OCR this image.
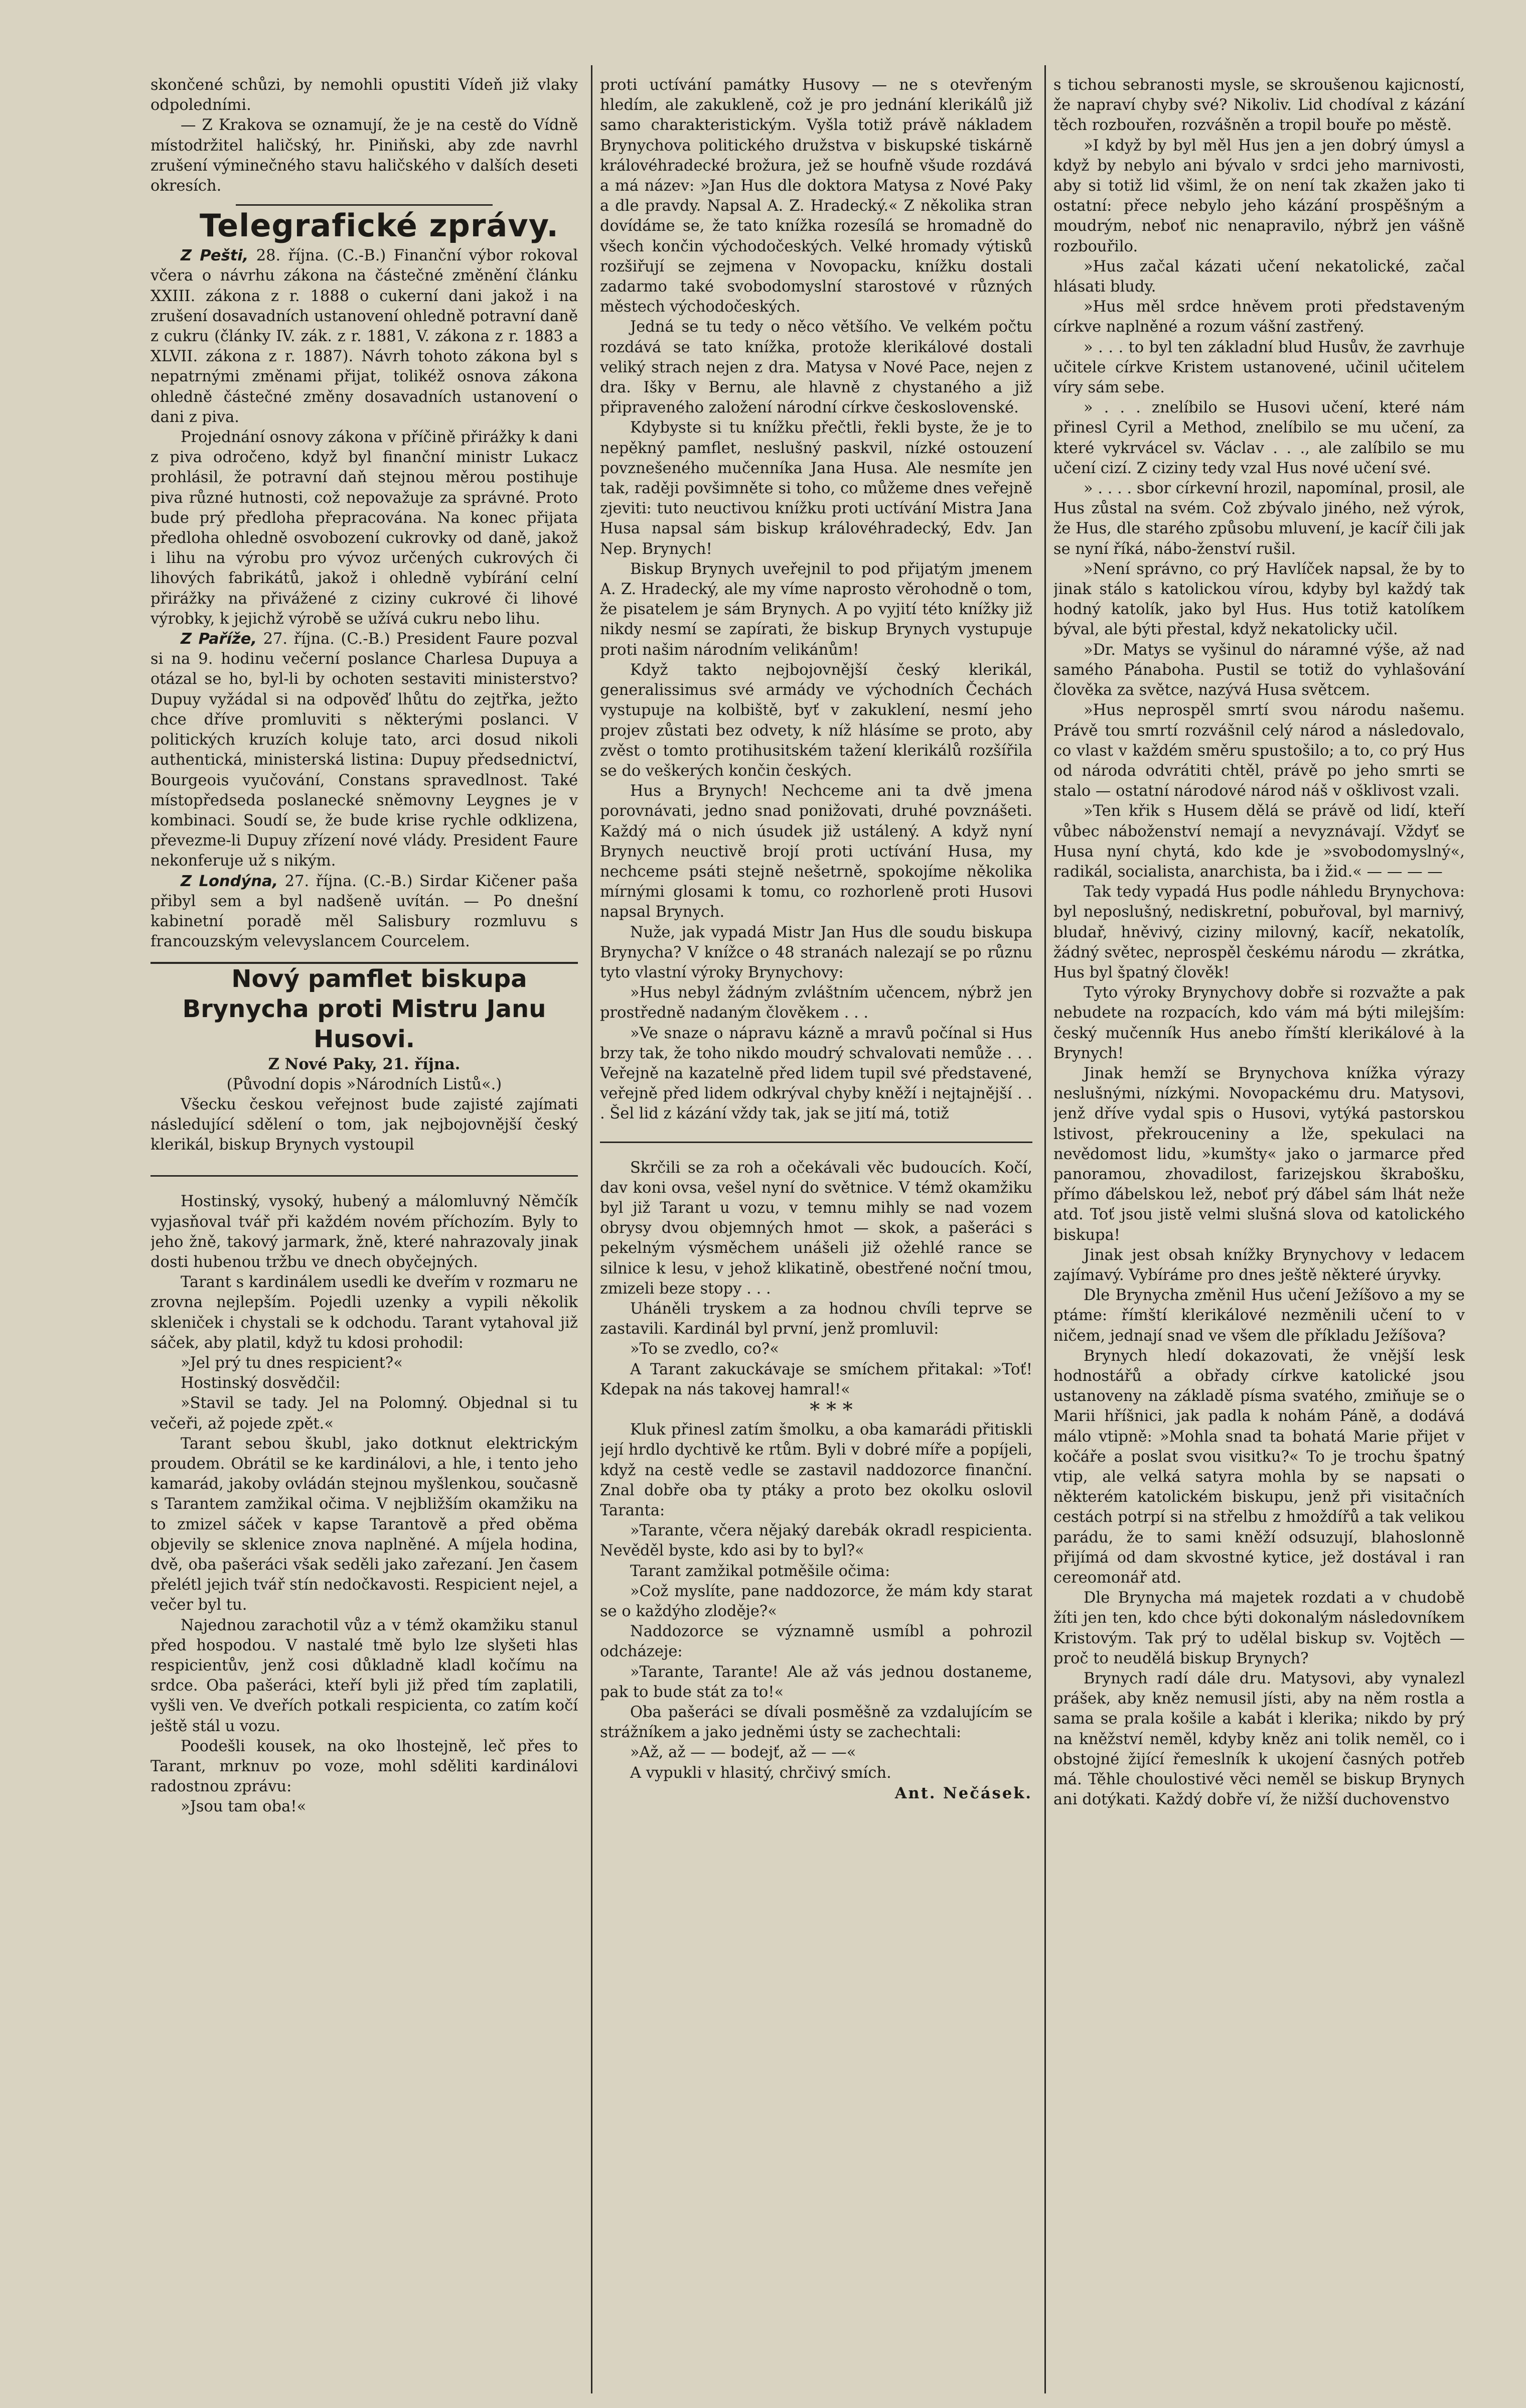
skončené schůzi, by nemohli opustiti Vídeň již vlaky odpoledními.

— Z Krakova se oznamují, že je na cestě do Vídně místodržitel haličský, hr. Piniňski, aby zde navrhl zrušení výminečného stavu haličského v dalších deseti okresích.

Telegrafické zprávy.

Z Pešti, 28. října. (C.-B.) Finanční výbor rokoval včera o návrhu zákona na částečné změnění článku XXIII. zákona z r. 1888 o cukerní dani jakož i na zrušení dosavadních ustanovení ohledně potravní daně z cukru (články IV. zák. z r. 1881, V. zákona z r. 1883 a XLVII. zákona z r. 1887). Návrh tohoto zákona byl s nepatrnými změnami přijat, tolikéž osnova zákona ohledně částečné změny dosavadních ustanovení o dani z piva.

Projednání osnovy zákona v příčině přirážky k dani z piva odročeno, když byl finanční ministr Lukacz prohlásil, že potravní daň stejnou měrou postihuje piva různé hutnosti, což nepovažuje za správné. Proto bude prý předloha přepracována. Na konec přijata předloha ohledně osvobození cukrovky od daně, jakož i lihu na výrobu pro vývoz určených cukrových či lihových fabrikátů, jakož i ohledně vybírání celní přirážky na přivážené z ciziny cukrové či lihové výrobky, k jejichž výrobě se užívá cukru nebo lihu.

Z Paříže, 27. října. (C.-B.) President Faure pozval si na 9. hodinu večerní poslance Charlesa Dupuya a otázal se ho, byl-li by ochoten sestaviti ministerstvo? Dupuy vyžádal si na odpověď lhůtu do zejtřka, ježto chce dříve promluviti s některými poslanci. V politických kruzích koluje tato, arci dosud nikoli authentická, ministerská listina: Dupuy předsednictví, Bourgeois vyučování, Constans spravedlnost. Také místopředseda poslanecké sněmovny Leygnes je v kombinaci. Soudí se, že bude krise rychle odklizena, převezme-li Dupuy zřízení nové vlády. President Faure nekonferuje už s nikým.

Z Londýna, 27. října. (C.-B.) Sirdar Kičener paša přibyl sem a byl nadšeně uvítán. — Po dnešní kabinetní poradě měl Salisbury rozmluvu s francouzským velevyslancem Courcelem.

Nový pamflet biskupa Brynycha proti Mistru Janu Husovi.

Z Nové Paky, 21. října.

(Původní dopis »Národních Listů«.)

Všecku českou veřejnost bude zajisté zajímati následující sdělení o tom, jak nejbojovnější český klerikál, biskup Brynych vystoupil

Hostinský, vysoký, hubený a málomluvný Němčík vyjasňoval tvář při každém novém příchozím. Byly to jeho žně, takový jarmark, žně, které nahrazovaly jinak dosti hubenou tržbu ve dnech obyčejných.

Tarant s kardinálem usedli ke dveřím v rozmaru ne zrovna nejlepším. Pojedli uzenky a vypili několik skleniček i chystali se k odchodu. Tarant vytahoval již sáček, aby platil, když tu kdosi prohodil:

»Jel prý tu dnes respicient?«

Hostinský dosvědčil:

»Stavil se tady. Jel na Polomný. Objednal si tu večeři, až pojede zpět.«

Tarant sebou škubl, jako dotknut elektrickým proudem. Obrátil se ke kardinálovi, a hle, i tento jeho kamarád, jakoby ovládán stejnou myšlenkou, současně s Tarantem zamžikal očima. V nejbližším okamžiku na to zmizel sáček v kapse Tarantově a před oběma objevily se sklenice znova naplněné. A míjela hodina, dvě, oba pašeráci však seděli jako zařezaní. Jen časem přelétl jejich tvář stín nedočkavosti. Respicient nejel, a večer byl tu.

Najednou zarachotil vůz a v témž okamžiku stanul před hospodou. V nastalé tmě bylo lze slyšeti hlas respicientův, jenž cosi důkladně kladl kočímu na srdce. Oba pašeráci, kteří byli již před tím zaplatili, vyšli ven. Ve dveřích potkali respicienta, co zatím kočí ještě stál u vozu.

Poodešli kousek, na oko lhostejně, leč přes to Tarant, mrknuv po voze, mohl sděliti kardinálovi radostnou zprávu:

»Jsou tam oba!«

proti uctívání památky Husovy — ne s otevřeným hledím, ale zakukleně, což je pro jednání klerikálů již samo charakteristickým. Vyšla totiž právě nákladem Brynychova politického družstva v biskupské tiskárně královéhradecké brožura, jež se houfně všude rozdává a má název: »Jan Hus dle doktora Matysa z Nové Paky a dle pravdy. Napsal A. Z. Hradecký.« Z několika stran dovídáme se, že tato knížka rozesílá se hromadně do všech končin východočeských. Velké hromady výtisků rozšiřují se zejmena v Novopacku, knížku dostali zadarmo také svobodomyslní starostové v různých městech východočeských.

Jedná se tu tedy o něco většího. Ve velkém počtu rozdává se tato knížka, protože klerikálové dostali veliký strach nejen z dra. Matysa v Nové Pace, nejen z dra. Išky v Bernu, ale hlavně z chystaného a již připraveného založení národní církve československé.

Kdybyste si tu knížku přečtli, řekli byste, že je to nepěkný pamflet, neslušný paskvil, nízké ostouzení povznešeného mučenníka Jana Husa. Ale nesmíte jen tak, raději povšimněte si toho, co můžeme dnes veřejně zjeviti: tuto neuctivou knížku proti uctívání Mistra Jana Husa napsal sám biskup královéhradecký, Edv. Jan Nep. Brynych!

Biskup Brynych uveřejnil to pod přijatým jmenem A. Z. Hradecký, ale my víme naprosto věrohodně o tom, že pisatelem je sám Brynych. A po vyjití této knížky již nikdy nesmí se zapírati, že biskup Brynych vystupuje proti našim národním velikánům!

Když takto nejbojovnější český klerikál, generalissimus své armády ve východních Čechách vystupuje na kolbiště, byť v zakuklení, nesmí jeho projev zůstati bez odvety, k níž hlásíme se proto, aby zvěst o tomto protihusitském tažení klerikálů rozšířila se do veškerých končin českých.

Hus a Brynych! Nechceme ani ta dvě jmena porovnávati, jedno snad ponižovati, druhé povznášeti. Každý má o nich úsudek již ustálený. A když nyní Brynych neuctivě brojí proti uctívání Husa, my nechceme psáti stejně nešetrně, spokojíme několika mírnými glosami k tomu, co rozhorleně proti Husovi napsal Brynych.

Nuže, jak vypadá Mistr Jan Hus dle soudu biskupa Brynycha? V knížce o 48 stranách nalezají se po různu tyto vlastní výroky Brynychovy:

»Hus nebyl žádným zvláštním učencem, nýbrž jen prostředně nadaným člověkem . . .

»Ve snaze o nápravu kázně a mravů počínal si Hus brzy tak, že toho nikdo moudrý schvalovati nemůže . . . Veřejně na kazatelně před lidem tupil své představené, veřejně před lidem odkrýval chyby kněží i nejtajnější . . . Šel lid z kázání vždy tak, jak se jití má, totiž

Skrčili se za roh a očekávali věc budoucích. Kočí, dav koni ovsa, vešel nyní do světnice. V témž okamžiku byl již Tarant u vozu, v temnu mihly se nad vozem obrysy dvou objemných hmot — skok, a pašeráci s pekelným výsměchem unášeli již ožehlé rance se silnice k lesu, v jehož klikatině, obestřené noční tmou, zmizeli beze stopy . . .

Uháněli tryskem a za hodnou chvíli teprve se zastavili. Kardinál byl první, jenž promluvil:

»To se zvedlo, co?«

A Tarant zakuckávaje se smíchem přitakal: »Toť! Kdepak na nás takovej hamral!«

* * *

Kluk přinesl zatím šmolku, a oba kamarádi přitiskli její hrdlo dychtivě ke rtům. Byli v dobré míře a popíjeli, když na cestě vedle se zastavil naddozorce finanční. Znal dobře oba ty ptáky a proto bez okolku oslovil Taranta:

»Tarante, včera nějaký darebák okradl respicienta. Nevěděl byste, kdo asi by to byl?«

Tarant zamžikal potměšile očima:

»Což myslíte, pane naddozorce, že mám kdy starat se o každýho zloděje?«

Naddozorce se významně usmíbl a pohrozil odcházeje:

»Tarante, Tarante! Ale až vás jednou dostaneme, pak to bude stát za to!«

Oba pašeráci se dívali posměšně za vzdalujícím se strážníkem a jako jedněmi ústy se zachechtali:

»Až, až — — bodejť, až — —«

A vypukli v hlasitý, chrčivý smích.

Ant. Nečásek.

s tichou sebranosti mysle, se skroušenou kajicností, že napraví chyby své? Nikoliv. Lid chodíval z kázání těch rozbouřen, rozvášněn a tropil bouře po městě.

»I když by byl měl Hus jen a jen dobrý úmysl a když by nebylo ani bývalo v srdci jeho marnivosti, aby si totiž lid všiml, že on není tak zkažen jako ti ostatní: přece nebylo jeho kázání prospěšným a moudrým, neboť nic nenapravilo, nýbrž jen vášně rozbouřilo.

»Hus začal kázati učení nekatolické, začal hlásati bludy.

»Hus měl srdce hněvem proti představeným církve naplněné a rozum vášní zastřený.

» . . . to byl ten základní blud Husův, že zavrhuje učitele církve Kristem ustanovené, učinil učitelem víry sám sebe.

» . . . znelíbilo se Husovi učení, které nám přinesl Cyril a Method, znelíbilo se mu učení, za které vykrvácel sv. Václav . . ., ale zalíbilo se mu učení cizí. Z ciziny tedy vzal Hus nové učení své.

» . . . . sbor církevní hrozil, napomínal, prosil, ale Hus zůstal na svém. Což zbývalo jiného, než výrok, že Hus, dle starého způsobu mluvení, je kacíř čili jak se nyní říká, nábo-ženství rušil.

»Není správno, co prý Havlíček napsal, že by to jinak stálo s katolickou vírou, kdyby byl každý tak hodný katolík, jako byl Hus. Hus totiž katolíkem býval, ale býti přestal, když nekatolicky učil.

»Dr. Matys se vyšinul do náramné výše, až nad samého Pánaboha. Pustil se totiž do vyhlašování člověka za světce, nazývá Husa světcem.

»Hus neprospěl smrtí svou národu našemu. Právě tou smrtí rozvášnil celý národ a následovalo, co vlast v každém směru spustošilo; a to, co prý Hus od národa odvrátiti chtěl, právě po jeho smrti se stalo — ostatní národové národ náš v ošklivost vzali.

»Ten křik s Husem dělá se právě od lidí, kteří vůbec náboženství nemají a nevyznávají. Vždyť se Husa nyní chytá, kdo kde je »svobodomyslný«, radikál, socialista, anarchista, ba i žid.« — — — —

Tak tedy vypadá Hus podle náhledu Brynychova: byl neposlušný, nediskretní, pobuřoval, byl marnivý, bludař, hněvivý, ciziny milovný, kacíř, nekatolík, žádný světec, neprospěl českému národu — zkrátka, Hus byl špatný člověk!

Tyto výroky Brynychovy dobře si rozvažte a pak nebudete na rozpacích, kdo vám má býti milejším: český mučenník Hus anebo římští klerikálové à la Brynych!

Jinak hemží se Brynychova knížka výrazy neslušnými, nízkými. Novopackému dru. Matysovi, jenž dříve vydal spis o Husovi, vytýká pastorskou lstivost, překrouceniny a lže, spekulaci na nevědomost lidu, »kumšty« jako o jarmarce před panoramou, zhovadilost, farizejskou škrabošku, přímo ďábelskou lež, neboť prý ďábel sám lhát neže atd. Toť jsou jistě velmi slušná slova od katolického biskupa!

Jinak jest obsah knížky Brynychovy v ledacem zajímavý. Vybíráme pro dnes ještě některé úryvky.

Dle Brynycha změnil Hus učení Ježíšovo a my se ptáme: římští klerikálové nezměnili učení to v ničem, jednají snad ve všem dle příkladu Ježíšova?

Brynych hledí dokazovati, že vnější lesk hodnostářů a obřady církve katolické jsou ustanoveny na základě písma svatého, zmiňuje se o Marii hříšnici, jak padla k nohám Páně, a dodává málo vtipně: »Mohla snad ta bohatá Marie přijet v kočáře a poslat svou visitku?« To je trochu špatný vtip, ale velká satyra mohla by se napsati o některém katolickém biskupu, jenž při visitačních cestách potrpí si na střelbu z hmoždířů a tak velikou parádu, že to sami kněží odsuzují, blahoslonně přijímá od dam skvostné kytice, jež dostával i ran cereomonář atd.

Dle Brynycha má majetek rozdati a v chudobě žíti jen ten, kdo chce býti dokonalým následovníkem Kristovým. Tak prý to udělal biskup sv. Vojtěch — proč to neudělá biskup Brynych?

Brynych radí dále dru. Matysovi, aby vynalezl prášek, aby kněz nemusil jísti, aby na něm rostla a sama se prala košile a kabát i klerika; nikdo by prý na kněžství neměl, kdyby kněz ani tolik neměl, co i obstojné žijící řemeslník k ukojení časných potřeb má. Těhle choulostivé věci neměl se biskup Brynych ani dotýkati. Každý dobře ví, že nižší duchovenstvo
